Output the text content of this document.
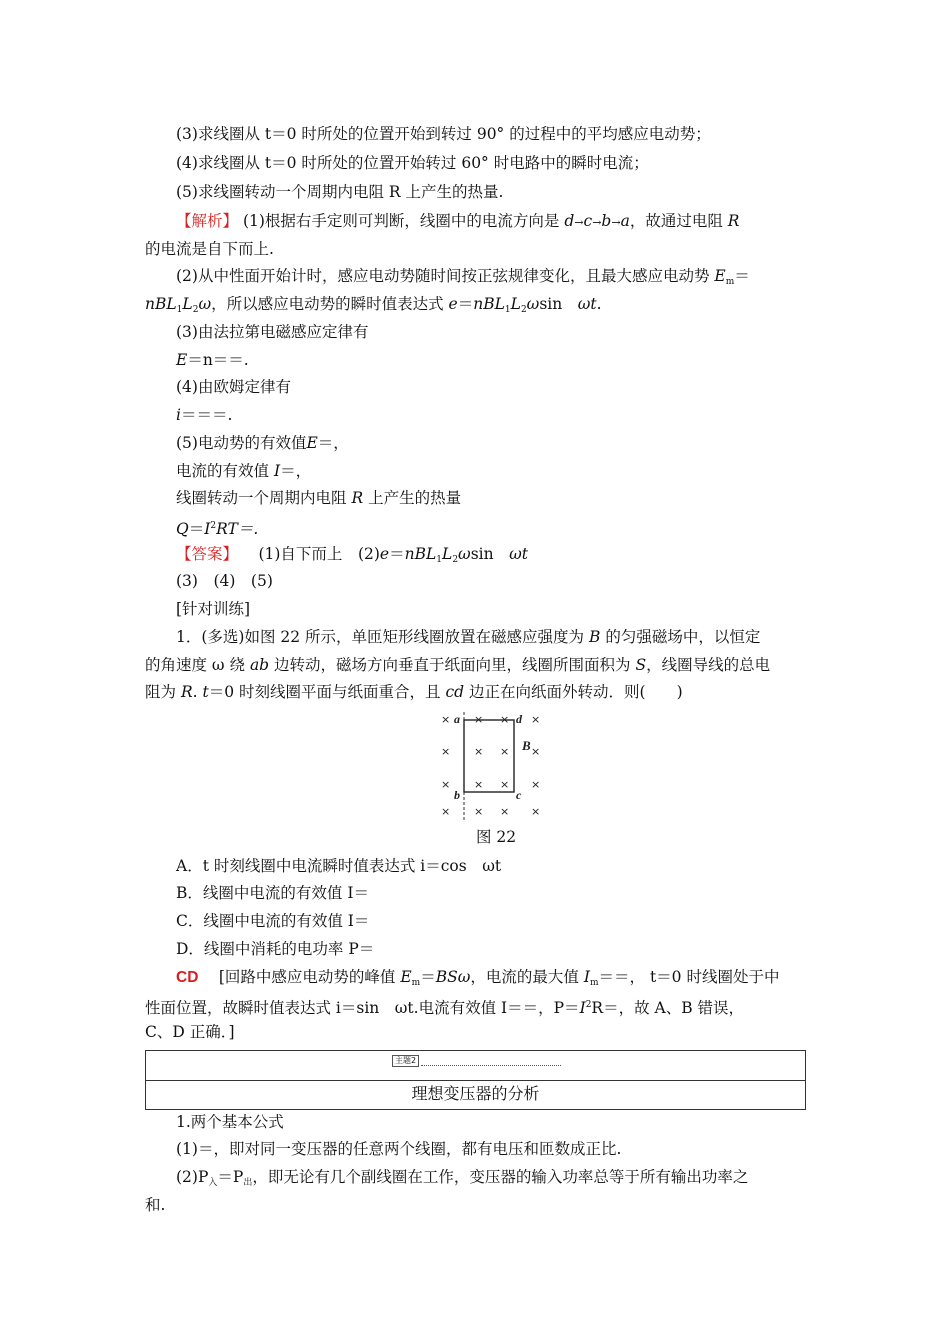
(3)求线圈从 t＝0 时所处的位置开始到转过 90° 的过程中的平均感应电动势；
(4)求线圈从 t＝0 时所处的位置开始转过 60° 时电路中的瞬时电流；
(5)求线圈转动一个周期内电阻 R 上产生的热量.
【解析】 (1)根据右手定则可判断，线圈中的电流方向是 d→c→b→a，故通过电阻 R
的电流是自下而上.
(2)从中性面开始计时，感应电动势随时间按正弦规律变化，且最大感应电动势 $E_m=$
$nBL_1L_2\omega$，所以感应电动势的瞬时值表达式 $e=nBL_1L_2\omega\sin$　ωt.
(3)由法拉第电磁感应定律有
E＝n＝＝.
(4)由欧姆定律有
i＝＝＝.
(5)电动势的有效值E＝，
电流的有效值 I＝，
线圈转动一个周期内电阻 R 上产生的热量
$Q=I^2RT=$.
【答案】 　 (1)自下而上　 $(2)e=nBL_1L_2\omega\sin$　ωt
(3)　(4)　(5)
[针对训练]
1．(多选)如图 22 所示，单匝矩形线圈放置在磁感应强度为 B 的匀强磁场中，以恒定
的角速度 ω 绕 ab 边转动，磁场方向垂直于纸面向里，线圈所围面积为 S，线圈导线的总电
阻为 R. t＝0 时刻线圈平面与纸面重合，且 cd 边正在向纸面外转动．则(　　)
× × × ×
× × × ×
× × × ×
× × × ×
a	d
b	c
B
图 22
A．t 时刻线圈中电流瞬时值表达式 i＝cos　ωt
B．线圈中电流的有效值 I＝
C．线圈中电流的有效值 I＝
D．线圈中消耗的电功率 P＝
CD 　 [回路中感应电动势的峰值 $E_m=BS\omega$，电流的最大值 $I_m==$， t＝0 时线圈处于中
性面位置，故瞬时值表达式 i＝sin　ωt.电流有效值 I＝＝，$P=I^2R=$，故 A、B 错误，
C、D 正确．]
主题2
理想变压器的分析
1.两个基本公式
(1)＝，即对同一变压器的任意两个线圈，都有电压和匝数成正比.
$(2)P_入=P_出$，即无论有几个副线圈在工作，变压器的输入功率总等于所有输出功率之
和.
